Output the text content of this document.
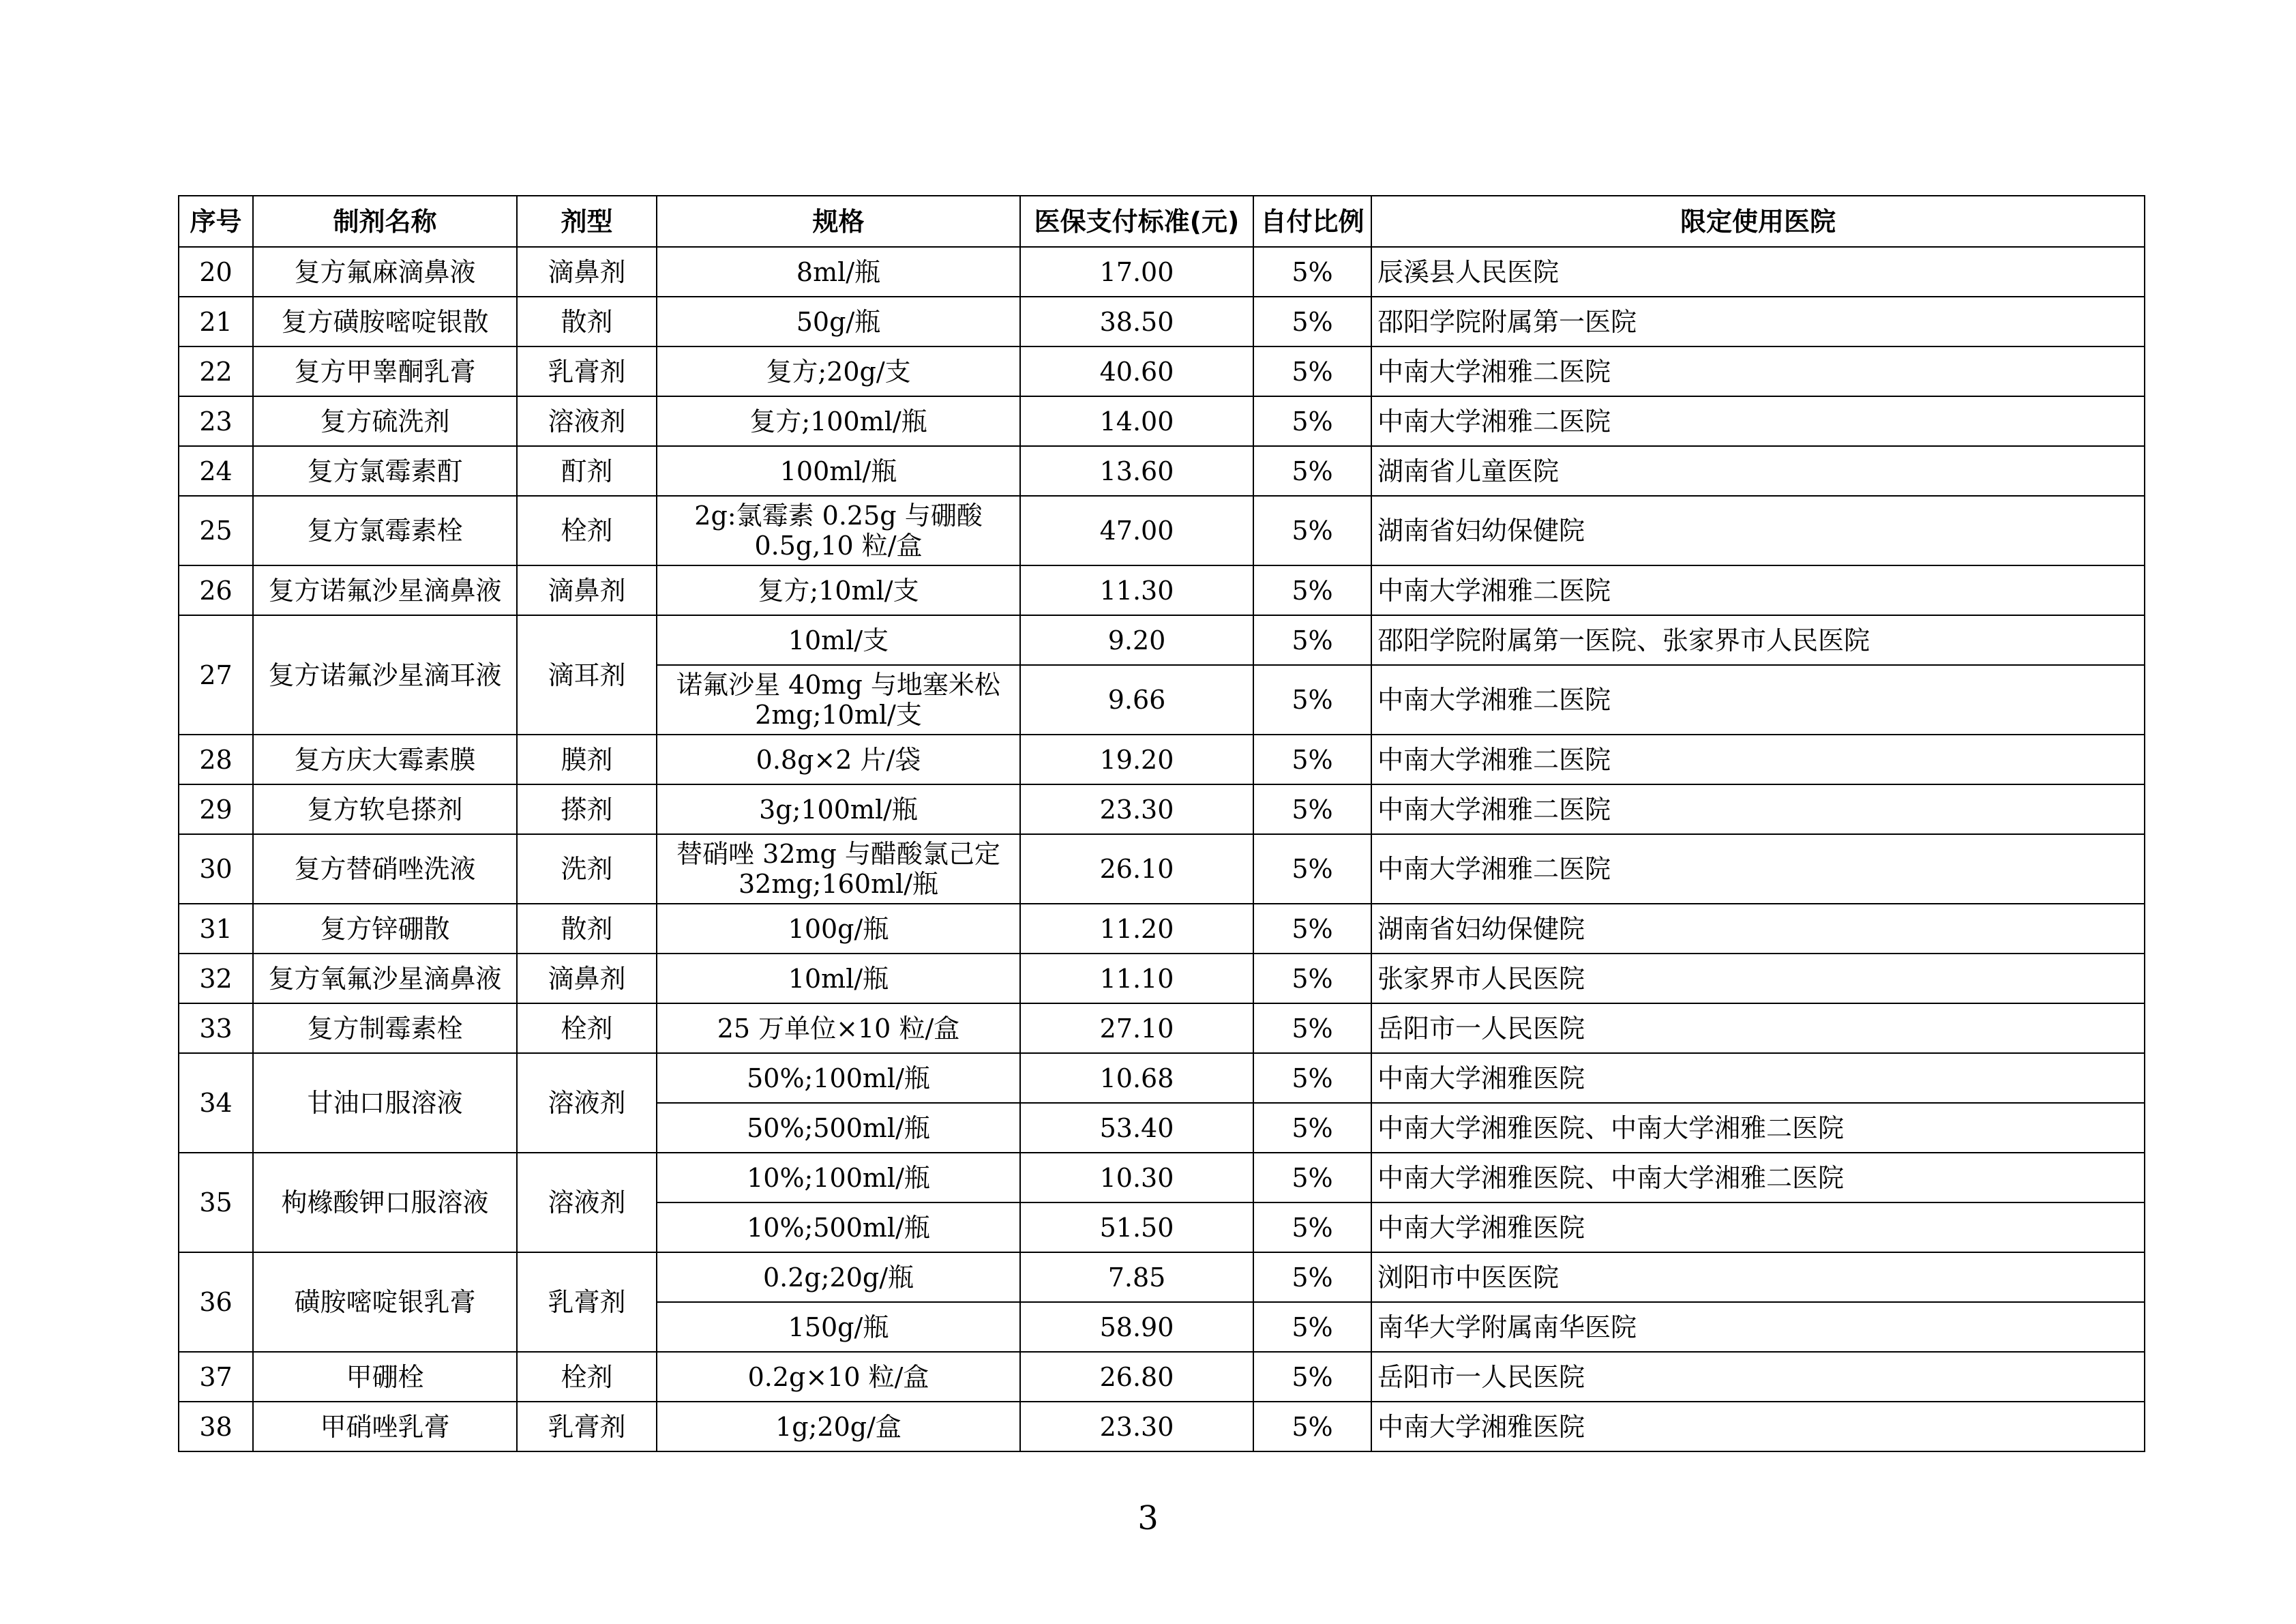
序号	制剂名称	剂型	规格	医保支付标准(元)	自付比例	限定使用医院
20	复方氟麻滴鼻液	滴鼻剂	8ml/瓶	17.00	5%	辰溪县人民医院
21	复方磺胺嘧啶银散	散剂	50g/瓶	38.50	5%	邵阳学院附属第一医院
22	复方甲睾酮乳膏	乳膏剂	复方;20g/支	40.60	5%	中南大学湘雅二医院
23	复方硫洗剂	溶液剂	复方;100ml/瓶	14.00	5%	中南大学湘雅二医院
24	复方氯霉素酊	酊剂	100ml/瓶	13.60	5%	湖南省儿童医院
25	复方氯霉素栓	栓剂	2g:氯霉素 0.25g 与硼酸
0.5g,10 粒/盒	47.00	5%	湖南省妇幼保健院
26	复方诺氟沙星滴鼻液	滴鼻剂	复方;10ml/支	11.30	5%	中南大学湘雅二医院
27	复方诺氟沙星滴耳液	滴耳剂	10ml/支	9.20	5%	邵阳学院附属第一医院、张家界市人民医院

			诺氟沙星 40mg 与地塞米松
2mg;10ml/支	9.66	5%	中南大学湘雅二医院
28	复方庆大霉素膜	膜剂	0.8g×2 片/袋	19.20	5%	中南大学湘雅二医院
29	复方软皂搽剂	搽剂	3g;100ml/瓶	23.30	5%	中南大学湘雅二医院
30	复方替硝唑洗液	洗剂	替硝唑 32mg 与醋酸氯己定
32mg;160ml/瓶	26.10	5%	中南大学湘雅二医院
31	复方锌硼散	散剂	100g/瓶	11.20	5%	湖南省妇幼保健院
32	复方氧氟沙星滴鼻液	滴鼻剂	10ml/瓶	11.10	5%	张家界市人民医院
33	复方制霉素栓	栓剂	25 万单位×10 粒/盒	27.10	5%	岳阳市一人民医院
34	甘油口服溶液	溶液剂	50%;100ml/瓶	10.68	5%	中南大学湘雅医院

			50%;500ml/瓶	53.40	5%	中南大学湘雅医院、中南大学湘雅二医院
35	枸橼酸钾口服溶液	溶液剂	10%;100ml/瓶	10.30	5%	中南大学湘雅医院、中南大学湘雅二医院

			10%;500ml/瓶	51.50	5%	中南大学湘雅医院
36	磺胺嘧啶银乳膏	乳膏剂	0.2g;20g/瓶	7.85	5%	浏阳市中医医院

			150g/瓶	58.90	5%	南华大学附属南华医院
37	甲硼栓	栓剂	0.2g×10 粒/盒	26.80	5%	岳阳市一人民医院
38	甲硝唑乳膏	乳膏剂	1g;20g/盒	23.30	5%	中南大学湘雅医院
3
